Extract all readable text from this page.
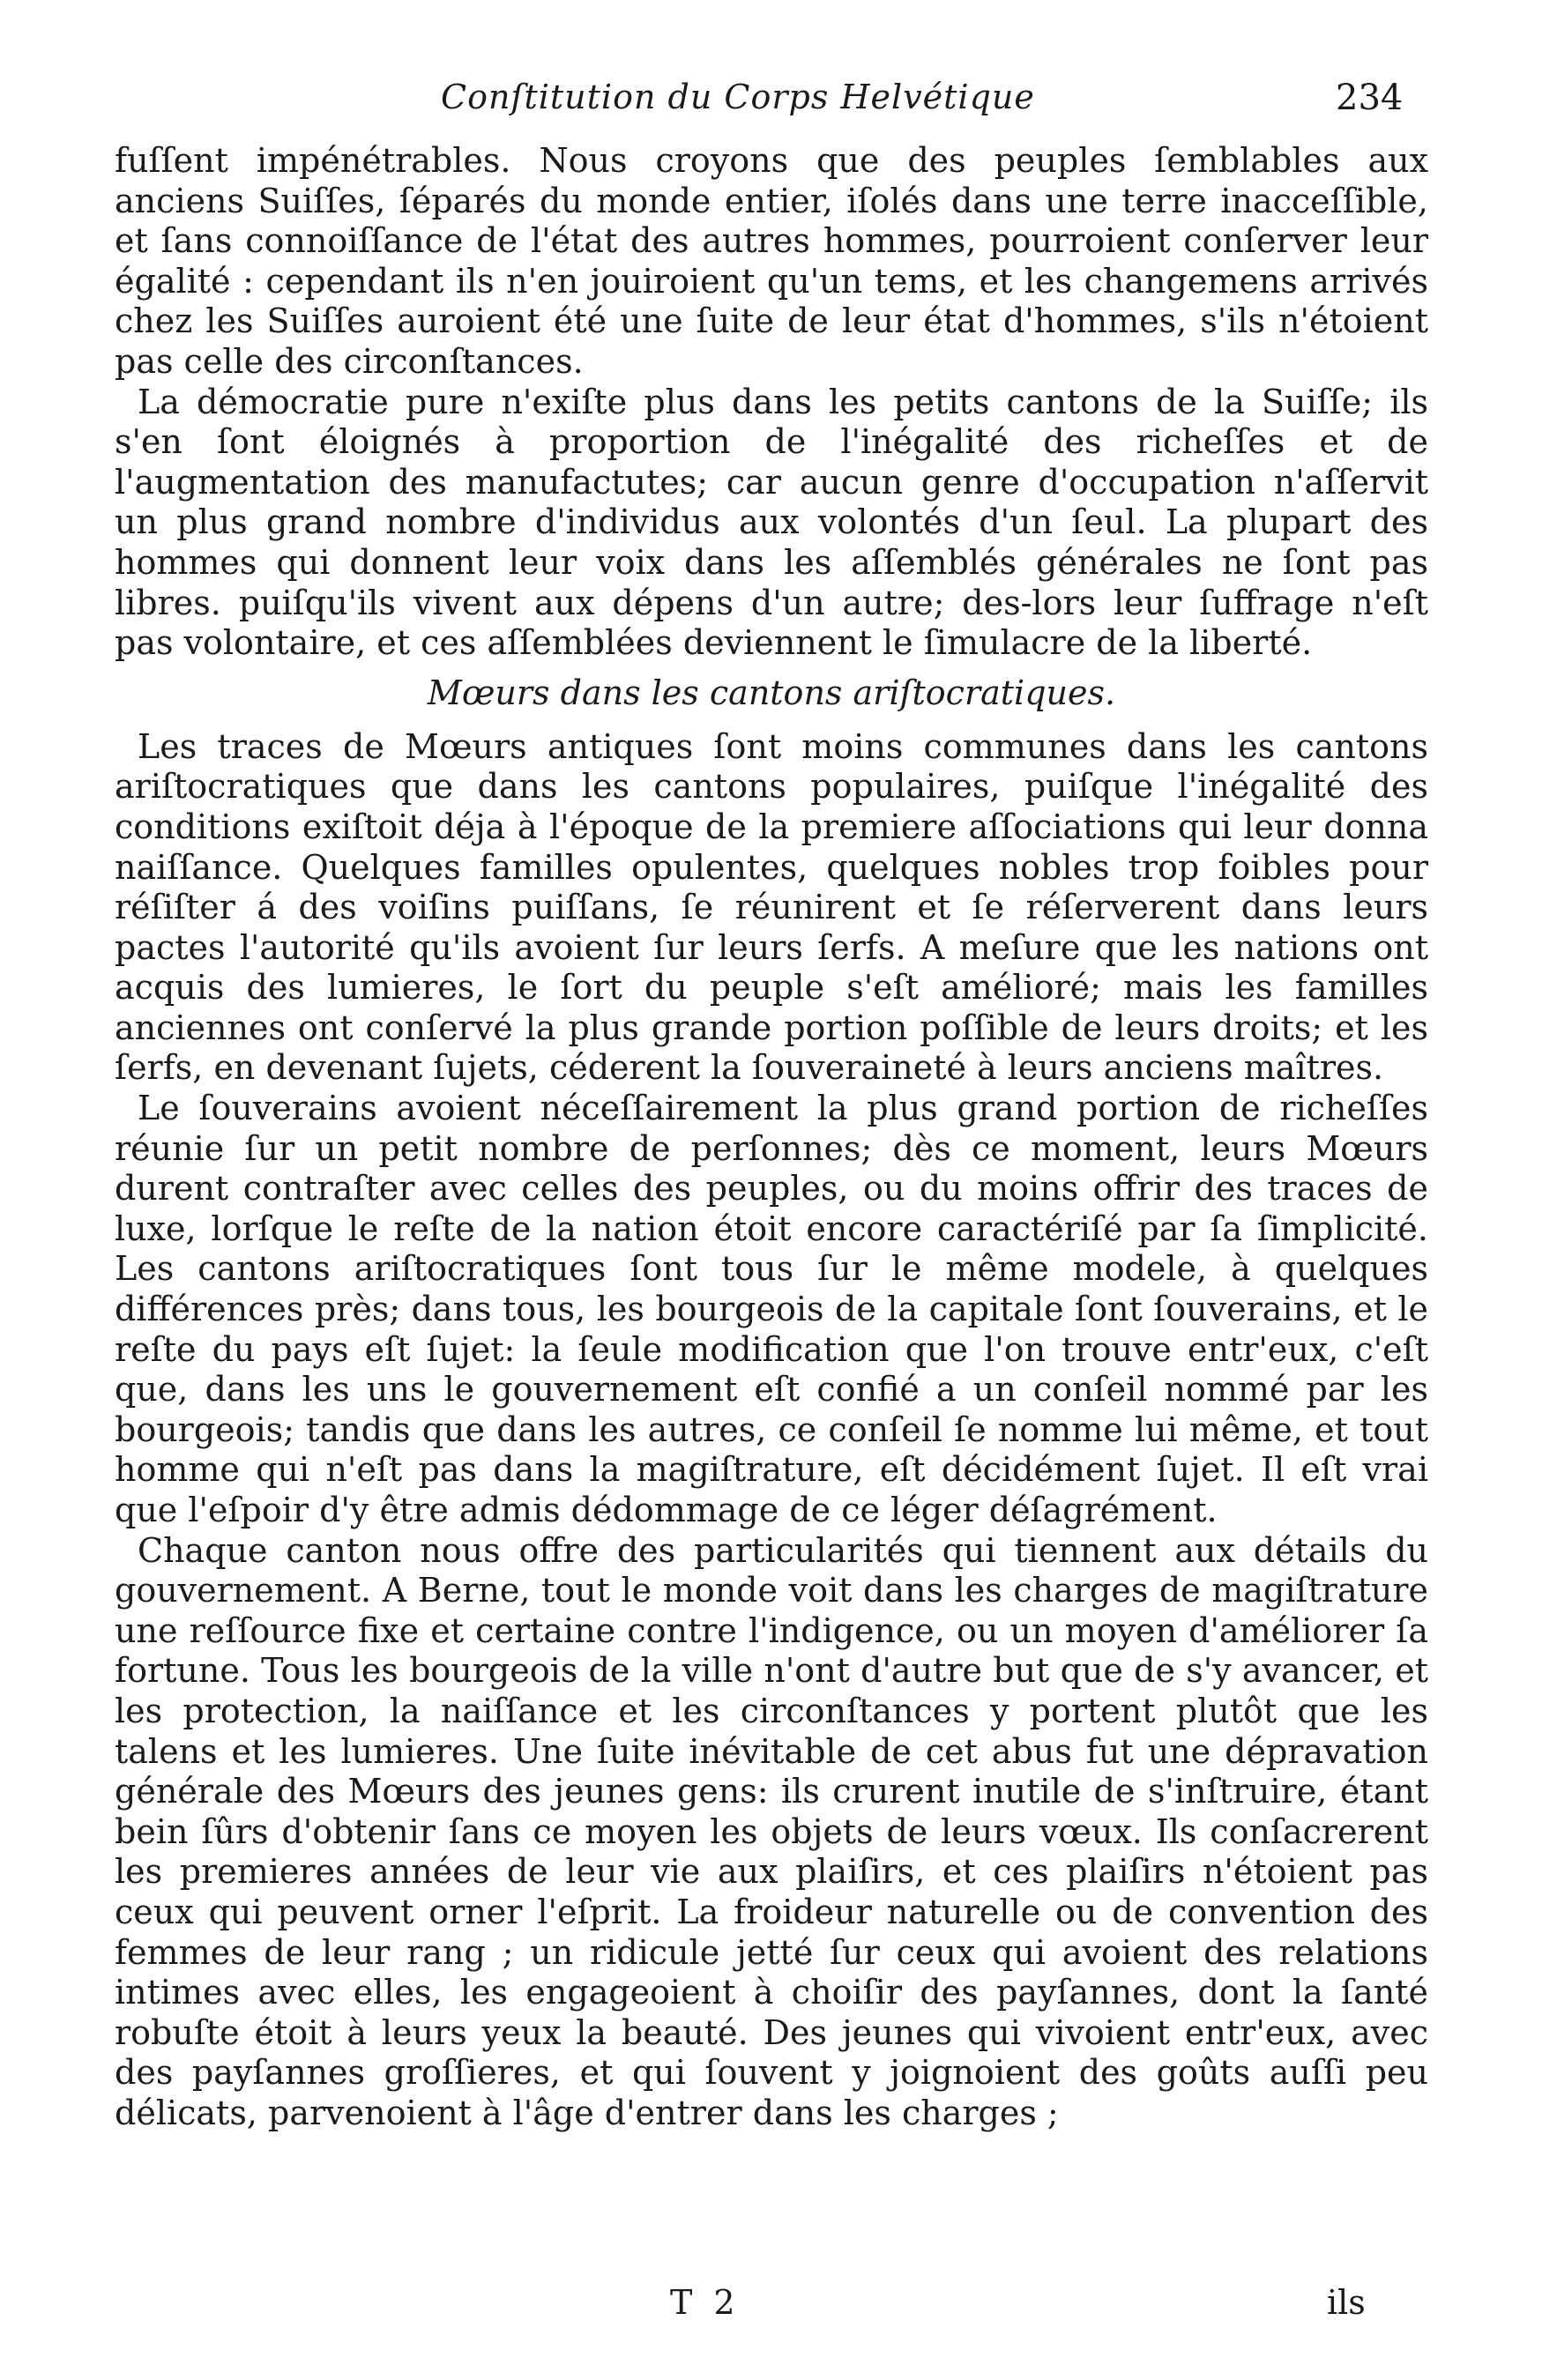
Conſtitution du Corps Helvétique	234

fuſſent impénétrables. Nous croyons que des peuples ſemblables aux anciens Suiſſes, ſéparés du monde entier, iſolés dans une terre inacceſſible, et ſans connoiſſance de l'état des autres hommes, pourroient conſerver leur égalité : cependant ils n'en jouiroient qu'un tems, et les changemens arrivés chez les Suiſſes auroient été une ſuite de leur état d'hommes, s'ils n'étoient pas celle des circonſtances.

La démocratie pure n'exiſte plus dans les petits cantons de la Suiſſe; ils s'en ſont éloignés à proportion de l'inégalité des richeſſes et de l'augmentation des manufactutes; car aucun genre d'occupation n'aſſervit un plus grand nombre d'individus aux volontés d'un ſeul. La plupart des hommes qui donnent leur voix dans les aſſemblés générales ne ſont pas libres. puiſqu'ils vivent aux dépens d'un autre; des-lors leur ſuffrage n'eſt pas volontaire, et ces aſſemblées deviennent le ſimulacre de la liberté.

Mœurs dans les cantons ariſtocratiques.

Les traces de Mœurs antiques ſont moins communes dans les cantons ariſtocratiques que dans les cantons populaires, puiſque l'inégalité des conditions exiſtoit déja à l'époque de la premiere aſſociations qui leur donna naiſſance. Quelques familles opulentes, quelques nobles trop foibles pour réſiſter á des voiſins puiſſans, ſe réunirent et ſe réſerverent dans leurs pactes l'autorité qu'ils avoient ſur leurs ſerfs. A meſure que les nations ont acquis des lumieres, le ſort du peuple s'eſt amélioré; mais les familles anciennes ont conſervé la plus grande portion poſſible de leurs droits; et les ſerfs, en devenant ſujets, céderent la ſouveraineté à leurs anciens maîtres.

Le ſouverains avoient néceſſairement la plus grand portion de richeſſes réunie ſur un petit nombre de perſonnes; dès ce moment, leurs Mœurs durent contraſter avec celles des peuples, ou du moins offrir des traces de luxe, lorſque le reſte de la nation étoit encore caractériſé par ſa ſimplicité. Les cantons ariſtocratiques ſont tous ſur le même modele, à quelques différences près; dans tous, les bourgeois de la capitale ſont ſouverains, et le reſte du pays eſt ſujet: la ſeule modification que l'on trouve entr'eux, c'eſt que, dans les uns le gouvernement eſt confié a un conſeil nommé par les bourgeois; tandis que dans les autres, ce conſeil ſe nomme lui même, et tout homme qui n'eſt pas dans la magiſtrature, eſt décidément ſujet. Il eſt vrai que l'eſpoir d'y être admis dédommage de ce léger déſagrément.

Chaque canton nous offre des particularités qui tiennent aux détails du gouvernement. A Berne, tout le monde voit dans les charges de magiſtrature une reſſource fixe et certaine contre l'indigence, ou un moyen d'améliorer ſa fortune. Tous les bourgeois de la ville n'ont d'autre but que de s'y avancer, et les protection, la naiſſance et les circonſtances y portent plutôt que les talens et les lumieres. Une ſuite inévitable de cet abus fut une dépravation générale des Mœurs des jeunes gens: ils crurent inutile de s'inſtruire, étant bein ſûrs d'obtenir ſans ce moyen les objets de leurs vœux. Ils conſacrerent les premieres années de leur vie aux plaiſirs, et ces plaiſirs n'étoient pas ceux qui peuvent orner l'eſprit. La froideur naturelle ou de convention des femmes de leur rang ; un ridicule jetté ſur ceux qui avoient des relations intimes avec elles, les engageoient à choiſir des payſannes, dont la ſanté robuſte étoit à leurs yeux la beauté. Des jeunes qui vivoient entr'eux, avec des payſannes groſſieres, et qui ſouvent y joignoient des goûts auſſi peu délicats, parvenoient à l'âge d'entrer dans les charges ;

T 2	ils
